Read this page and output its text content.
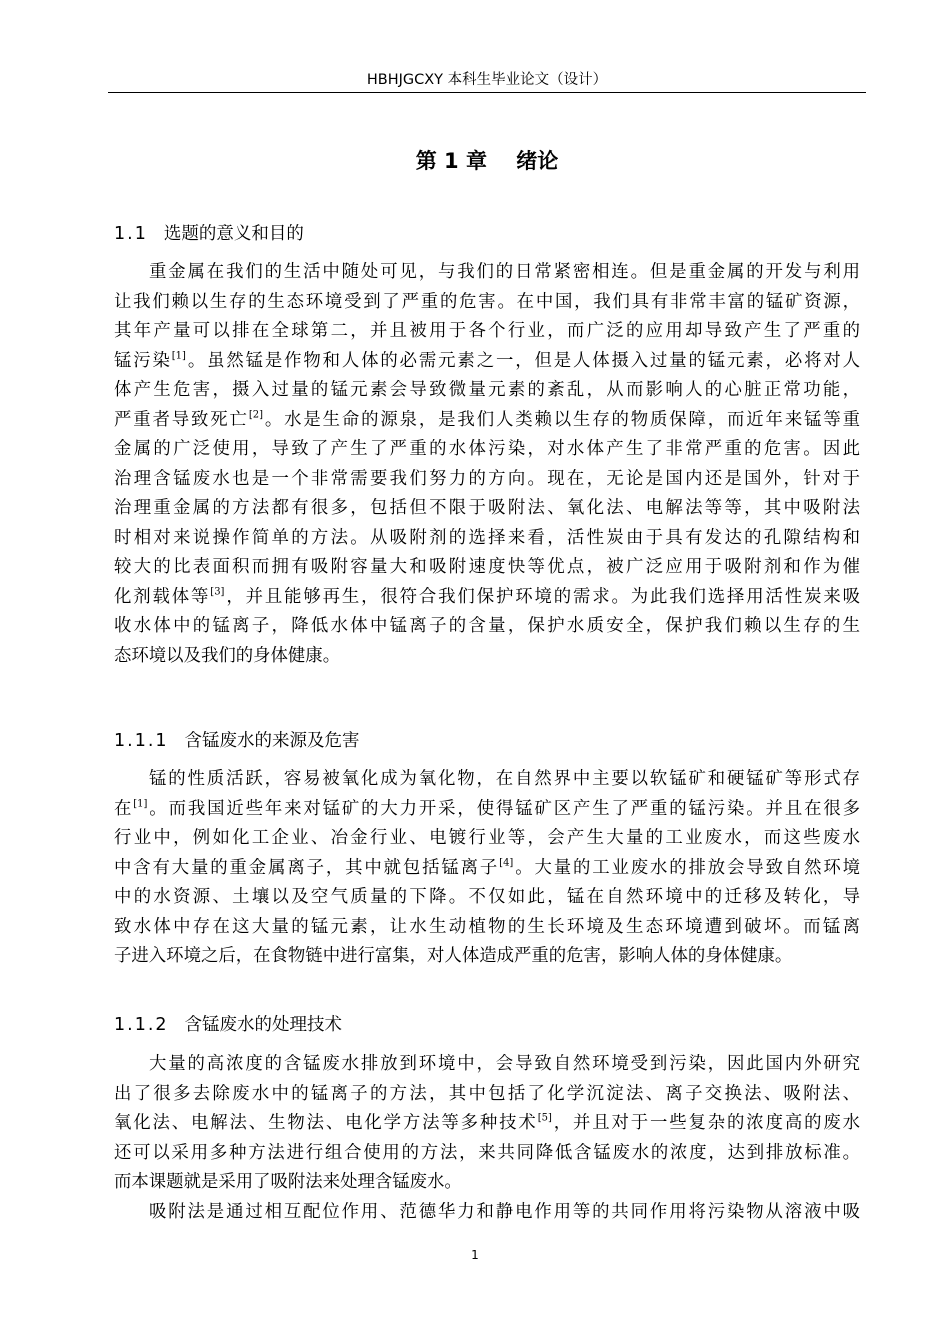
HBHJGCXY 本科生毕业论文（设计）
第 1 章    绪论
1.1 选题的意义和目的
重金属在我们的生活中随处可见，与我们的日常紧密相连。但是重金属的开发与利用
让我们赖以生存的生态环境受到了严重的危害。在中国，我们具有非常丰富的锰矿资源，
其年产量可以排在全球第二，并且被用于各个行业，而广泛的应用却导致产生了严重的
锰污染[1]。虽然锰是作物和人体的必需元素之一，但是人体摄入过量的锰元素，必将对人
体产生危害，摄入过量的锰元素会导致微量元素的紊乱，从而影响人的心脏正常功能，
严重者导致死亡[2]。水是生命的源泉，是我们人类赖以生存的物质保障，而近年来锰等重
金属的广泛使用，导致了产生了严重的水体污染，对水体产生了非常严重的危害。因此
治理含锰废水也是一个非常需要我们努力的方向。现在，无论是国内还是国外，针对于
治理重金属的方法都有很多，包括但不限于吸附法、氧化法、电解法等等，其中吸附法
时相对来说操作简单的方法。从吸附剂的选择来看，活性炭由于具有发达的孔隙结构和
较大的比表面积而拥有吸附容量大和吸附速度快等优点，被广泛应用于吸附剂和作为催
化剂载体等[3]，并且能够再生，很符合我们保护环境的需求。为此我们选择用活性炭来吸
收水体中的锰离子，降低水体中锰离子的含量，保护水质安全，保护我们赖以生存的生
态环境以及我们的身体健康。
1.1.1 含锰废水的来源及危害
锰的性质活跃，容易被氧化成为氧化物，在自然界中主要以软锰矿和硬锰矿等形式存
在[1]。而我国近些年来对锰矿的大力开采，使得锰矿区产生了严重的锰污染。并且在很多
行业中，例如化工企业、冶金行业、电镀行业等，会产生大量的工业废水，而这些废水
中含有大量的重金属离子，其中就包括锰离子[4]。大量的工业废水的排放会导致自然环境
中的水资源、土壤以及空气质量的下降。不仅如此，锰在自然环境中的迁移及转化，导
致水体中存在这大量的锰元素，让水生动植物的生长环境及生态环境遭到破坏。而锰离
子进入环境之后，在食物链中进行富集，对人体造成严重的危害，影响人体的身体健康。
1.1.2 含锰废水的处理技术
大量的高浓度的含锰废水排放到环境中，会导致自然环境受到污染，因此国内外研究
出了很多去除废水中的锰离子的方法，其中包括了化学沉淀法、离子交换法、吸附法、
氧化法、电解法、生物法、电化学方法等多种技术[5]，并且对于一些复杂的浓度高的废水
还可以采用多种方法进行组合使用的方法，来共同降低含锰废水的浓度，达到排放标准。
而本课题就是采用了吸附法来处理含锰废水。
吸附法是通过相互配位作用、范德华力和静电作用等的共同作用将污染物从溶液中吸
1
